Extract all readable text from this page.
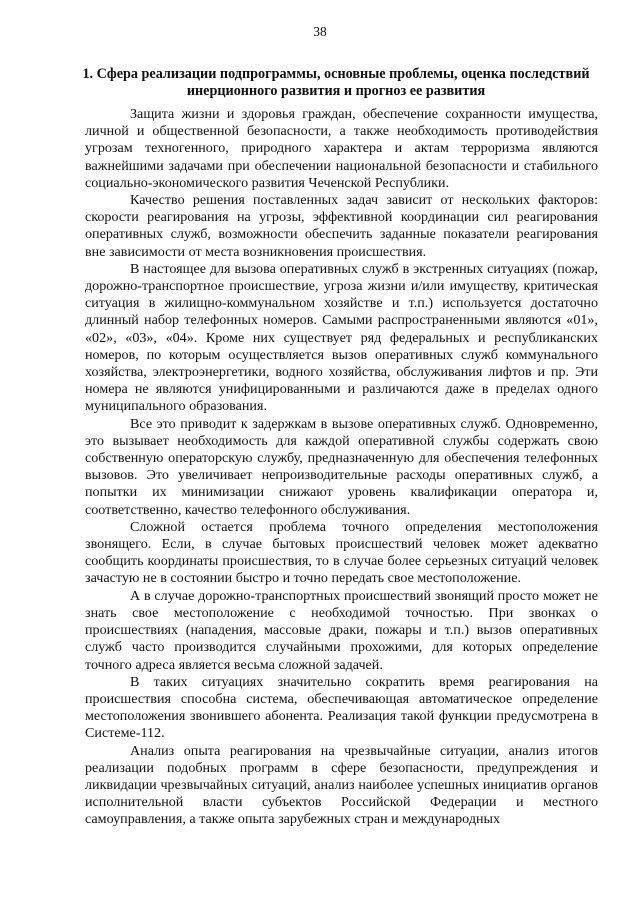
38
1. Сфера реализации подпрограммы, основные проблемы, оценка последствий инерционного развития и прогноз ее развития

Защита жизни и здоровья граждан, обеспечение сохранности имущества, личной и общественной безопасности, а также необходимость противодействия угрозам техногенного, природного характера и актам терроризма являются важнейшими задачами при обеспечении национальной безопасности и стабильного социально-экономического развития Чеченской Республики.

Качество решения поставленных задач зависит от нескольких факторов: скорости реагирования на угрозы, эффективной координации сил реагирования оперативных служб, возможности обеспечить заданные показатели реагирования вне зависимости от места возникновения происшествия.

В настоящее для вызова оперативных служб в экстренных ситуациях (пожар, дорожно-транспортное происшествие, угроза жизни и/или имуществу, критическая ситуация в жилищно-коммунальном хозяйстве и т.п.) используется достаточно длинный набор телефонных номеров. Самыми распространенными являются «01», «02», «03», «04». Кроме них существует ряд федеральных и республиканских номеров, по которым осуществляется вызов оперативных служб коммунального хозяйства, электроэнергетики, водного хозяйства, обслуживания лифтов и пр. Эти номера не являются унифицированными и различаются даже в пределах одного муниципального образования.

Все это приводит к задержкам в вызове оперативных служб. Одновременно, это вызывает необходимость для каждой оперативной службы содержать свою собственную операторскую службу, предназначенную для обеспечения телефонных вызовов. Это увеличивает непроизводительные расходы оперативных служб, а попытки их минимизации снижают уровень квалификации оператора и, соответственно, качество телефонного обслуживания.

Сложной остается проблема точного определения местоположения звонящего. Если, в случае бытовых происшествий человек может адекватно сообщить координаты происшествия, то в случае более серьезных ситуаций человек зачастую не в состоянии быстро и точно передать свое местоположение.

А в случае дорожно-транспортных происшествий звонящий просто может не знать свое местоположение с необходимой точностью. При звонках о происшествиях (нападения, массовые драки, пожары и т.п.) вызов оперативных служб часто производится случайными прохожими, для которых определение точного адреса является весьма сложной задачей.

В таких ситуациях значительно сократить время реагирования на происшествия способна система, обеспечивающая автоматическое определение местоположения звонившего абонента. Реализация такой функции предусмотрена в Системе-112.

Анализ опыта реагирования на чрезвычайные ситуации, анализ итогов реализации подобных программ в сфере безопасности, предупреждения и ликвидации чрезвычайных ситуаций, анализ наиболее успешных инициатив органов исполнительной власти субъектов Российской Федерации и местного самоуправления, а также опыта зарубежных стран и международных
